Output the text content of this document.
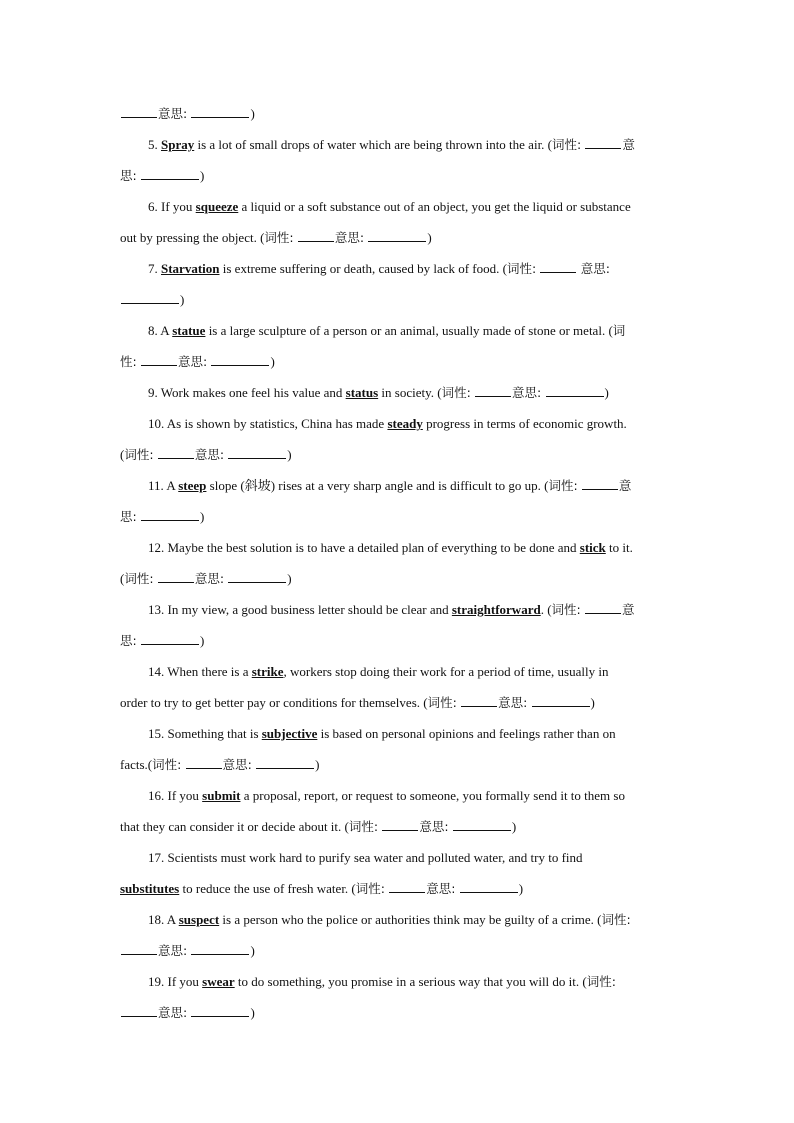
意思:	)
5. Spray is a lot of small drops of water which are being thrown into the air. (词性:	意
思:	)
6. If you squeeze a liquid or a soft substance out of an object, you get the liquid or substance
out by pressing the object. (词性:	意思:	)
7. Starvation is extreme suffering or death, caused by lack of food. (词性:	意思:
)
8. A statue is a large sculpture of a person or an animal, usually made of stone or metal. (词
性:	意思:	)
9. Work makes one feel his value and status in society. (词性:	意思:	)
10. As is shown by statistics, China has made steady progress in terms of economic growth.
(词性:	意思:	)
11. A steep slope (斜坡) rises at a very sharp angle and is difficult to go up. (词性:	意
思:	)
12. Maybe the best solution is to have a detailed plan of everything to be done and stick to it.
(词性:	意思:	)
13. In my view, a good business letter should be clear and straightforward. (词性:	意
思:	)
14. When there is a strike, workers stop doing their work for a period of time, usually in
order to try to get better pay or conditions for themselves. (词性:	意思:	)
15. Something that is subjective is based on personal opinions and feelings rather than on
facts.(词性:	意思:	)
16. If you submit a proposal, report, or request to someone, you formally send it to them so
that they can consider it or decide about it. (词性:	意思:	)
17. Scientists must work hard to purify sea water and polluted water, and try to find
substitutes to reduce the use of fresh water. (词性:	意思:	)
18. A suspect is a person who the police or authorities think may be guilty of a crime. (词性:
意思:	)
19. If you swear to do something, you promise in a serious way that you will do it. (词性:
意思:	)
